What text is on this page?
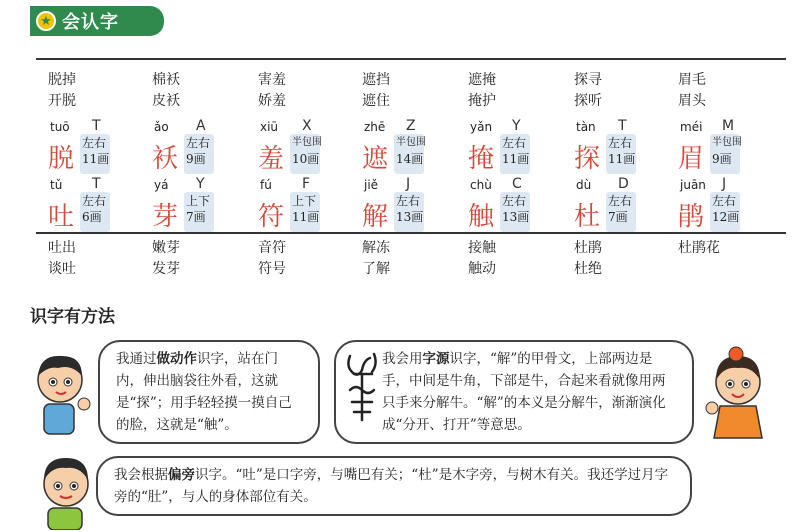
★ 会认字
脱掉
开脱
棉袄
皮袄
害羞
娇羞
遮挡
遮住
遮掩
掩护
探寻
探听
眉毛
眉头
tuō T
脱
左右
11画
ǎo A
袄
左右
9画
xiū X
羞
半包围
10画
zhē Z
遮
半包围
14画
yǎn Y
掩
左右
11画
tàn T
探
左右
11画
méi M
眉
半包围
9画
tǔ T
吐
左右
6画
yá Y
芽
上下
7画
fú F
符
上下
11画
jiě J
解
左右
13画
chù C
触
左右
13画
dù D
杜
左右
7画
juān J
鹃
左右
12画
吐出
谈吐
嫩芽
发芽
音符
符号
解冻
了解
接触
触动
杜鹃
杜绝
杜鹃花
识字有方法
我通过做动作识字，站在门内，伸出脑袋往外看，这就是“探”；用手轻轻摸一摸自己的脸，这就是“触”。
我会用字源识字，“解”的甲骨文，上部两边是手，中间是牛角，下部是牛，合起来看就像用两只手来分解牛。“解”的本义是分解牛，渐渐演化成“分开、打开”等意思。
我会根据偏旁识字。“吐”是口字旁，与嘴巴有关；“杜”是木字旁，与树木有关。我还学过月字旁的“肚”，与人的身体部位有关。
